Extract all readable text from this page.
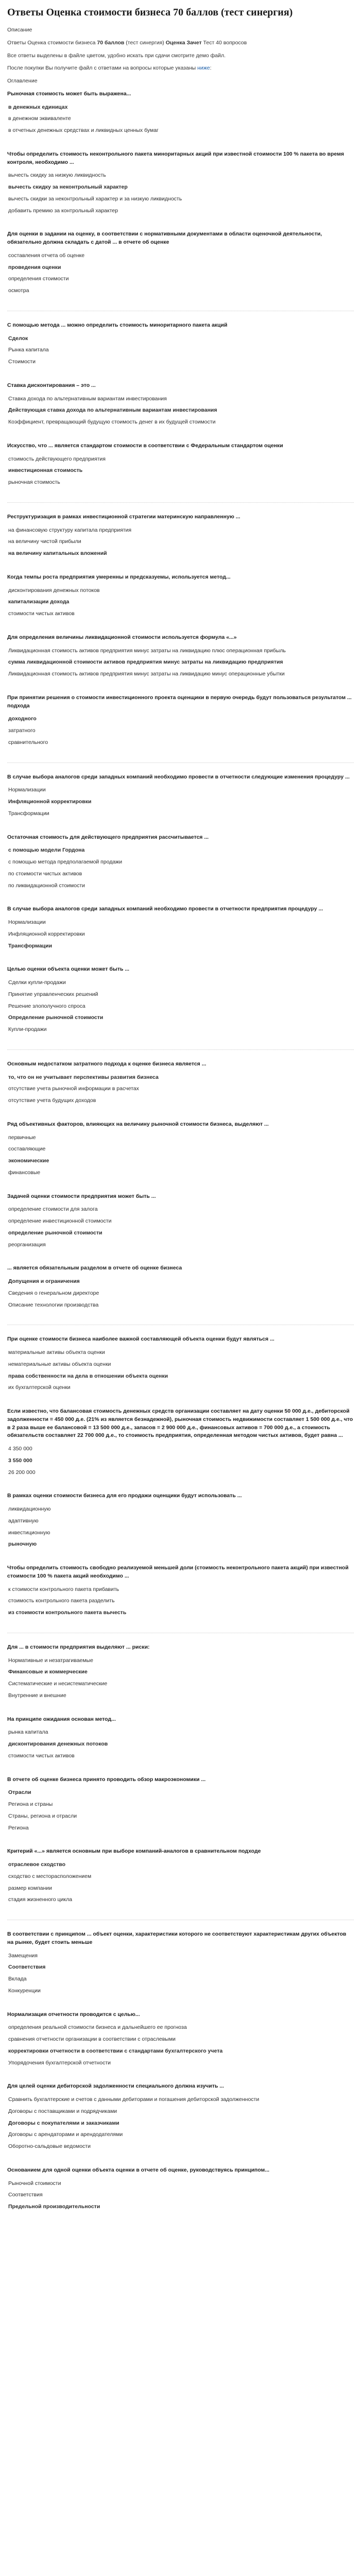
Ответы Оценка стоимости бизнеса 70 баллов (тест синергия)

Описание

Ответы Оценка стоимости бизнеса 70 баллов (тест синергия) Оценка Зачет Тест 40 вопросов

Все ответы выделены в файле цветом, удобно искать при сдачи смотрите демо файл.

После покупки Вы получите файл с ответами на вопросы которые указаны ниже:

Оглавление

Рыночная стоимость может быть выражена...
в денежных единицах
в денежном эквиваленте
в отчетных денежных средствах и ликвидных ценных бумаг
Чтобы определить стоимость неконтрольного пакета миноритарных акций при известной стоимости 100 % пакета во время контроля, необходимо ...
вычесть скидку за низкую ликвидность
вычесть скидку за неконтрольный характер
вычесть скидки за неконтрольный характер и за низкую ликвидность
добавить премию за контрольный характер
Для оценки в задании на оценку, в соответствии с нормативными документами в области оценочной деятельности, обязательно должна складать с датой ... в отчете об оценке
составления отчета об оценке
проведения оценки
определения стоимости
осмотра
С помощью метода ... можно определить стоимость миноритарного пакета акций
Сделок
Рынка капитала
Стоимости
Ставка дисконтирования – это ...
Ставка дохода по альтернативным вариантам инвестирования
Действующая ставка дохода по альтернативным вариантам инвестирования
Коэффициент, превращающий будущую стоимость денег в их будущей стоимости
Искусство, что ... является стандартом стоимости в соответствии с Федеральным стандартом оценки
стоимость действующего предприятия
инвестиционная стоимость
рыночная стоимость
Реструктуризация в рамках инвестиционной стратегии материнскую направленную ...
на финансовую структуру капитала предприятия
на величину чистой прибыли
на величину капитальных вложений
Когда темпы роста предприятия умеренны и предсказуемы, используется метод...
дисконтирования денежных потоков
капитализации дохода
стоимости чистых активов
Для определения величины ликвидационной стоимости используется формула «...»
Ликвидационная стоимость активов предприятия минус затраты на ликвидацию плюс операционная прибыль
сумма ликвидационной стоимости активов предприятия минус затраты на ликвидацию предприятия
Ликвидационная стоимость активов предприятия минус затраты на ликвидацию минус операционные убытки
При принятии решения о стоимости инвестиционного проекта оценщики в первую очередь будут пользоваться результатом ... подхода
доходного
затратного
сравнительного
В случае выбора аналогов среди западных компаний необходимо провести в отчетности следующие изменения процедуру ...
Нормализации
Инфляционной корректировки
Трансформации
Остаточная стоимость для действующего предприятия рассчитывается ...
с помощью модели Гордона
с помощью метода предполагаемой продажи
по стоимости чистых активов
по ликвидационной стоимости
В случае выбора аналогов среди западных компаний необходимо провести в отчетности предприятия процедуру ...
Нормализации
Инфляционной корректировки
Трансформации
Целью оценки объекта оценки может быть ...
Сделки купли-продажи
Принятие управленческих решений
Решение злополучного спроса
Определение рыночной стоимости
Купли-продажи
Основным недостатком затратного подхода к оценке бизнеса является ...
то, что он не учитывает перспективы развития бизнеса
отсутствие учета рыночной информации в расчетах
отсутствие учета будущих доходов
Ряд объективных факторов, влияющих на величину рыночной стоимости бизнеса, выделяют ...
первичные
составляющие
экономические
финансовые
Задачей оценки стоимости предприятия может быть ...
определение стоимости для залога
определение инвестиционной стоимости
определение рыночной стоимости
реорганизация
... является обязательным разделом в отчете об оценке бизнеса
Допущения и ограничения
Сведения о генеральном директоре
Описание технологии производства
При оценке стоимости бизнеса наиболее важной составляющей объекта оценки будут являться ...
материальные активы объекта оценки
нематериальные активы объекта оценки
права собственности на дела в отношении объекта оценки
их бухгалтерской оценки
Если известно, что балансовая стоимость денежных средств организации составляет на дату оценки 50 000 д.е., дебиторской задолженности = 450 000 д.е. (21% из является безнадежной), рыночная стоимость недвижимости составляет 1 500 000 д.е., что в 2 раза выше ее балансовой = 13 500 000 д.е., запасов = 2 900 000 д.е., финансовых активов = 700 000 д.е., а стоимость обязательств составляет 22 700 000 д.е., то стоимость предприятия, определенная методом чистых активов, будет равна ...
4 350 000
3 550 000
26 200 000
В рамках оценки стоимости бизнеса для его продажи оценщики будут использовать ...
ликвидационную
адаптивную
инвестиционную
рыночную
Чтобы определить стоимость свободно реализуемой меньшей доли (стоимость неконтрольного пакета акций) при известной стоимости 100 % пакета акций необходимо ...
к стоимости контрольного пакета прибавить
стоимость контрольного пакета разделить
из стоимости контрольного пакета вычесть
Для ... в стоимости предприятия выделяют ... риски:
Нормативные и незатрагиваемые
Финансовые и коммерческие
Систематические и несистематические
Внутренние и внешние
На принципе ожидания основан метод...
рынка капитала
дисконтирования денежных потоков
стоимости чистых активов
В отчете об оценке бизнеса принято проводить обзор макроэкономики ...
Отрасли
Региона и страны
Страны, региона и отрасли
Региона
Критерий «...» является основным при выборе компаний-аналогов в сравнительном подходе
отраслевое сходство
сходство с месторасположением
размер компании
стадия жизненного цикла
В соответствии с принципом ... объект оценки, характеристики которого не соответствуют характеристикам других объектов на рынке, будет стоить меньше
Замещения
Соответствия
Вклада
Конкуренции
Нормализация отчетности проводится с целью...
определения реальной стоимости бизнеса и дальнейшего ее прогноза
сравнения отчетности организации в соответствии с отраслевыми
корректировки отчетности в соответствии с стандартами бухгалтерского учета
Упорядочения бухгалтерской отчетности
Для целей оценки дебиторской задолженности специального должна изучить ...
Сравнить бухгалтерские и счетов с данными дебиторами и погашения дебиторской задолженности
Договоры с поставщиками и подрядчиками
Договоры с покупателями и заказчиками
Договоры с арендаторами и арендодателями
Оборотно-сальдовые ведомости
Основанием для одной оценки объекта оценки в отчете об оценке, руководствуясь принципом...
Рыночной стоимости
Соответствия
Предельной производительности
